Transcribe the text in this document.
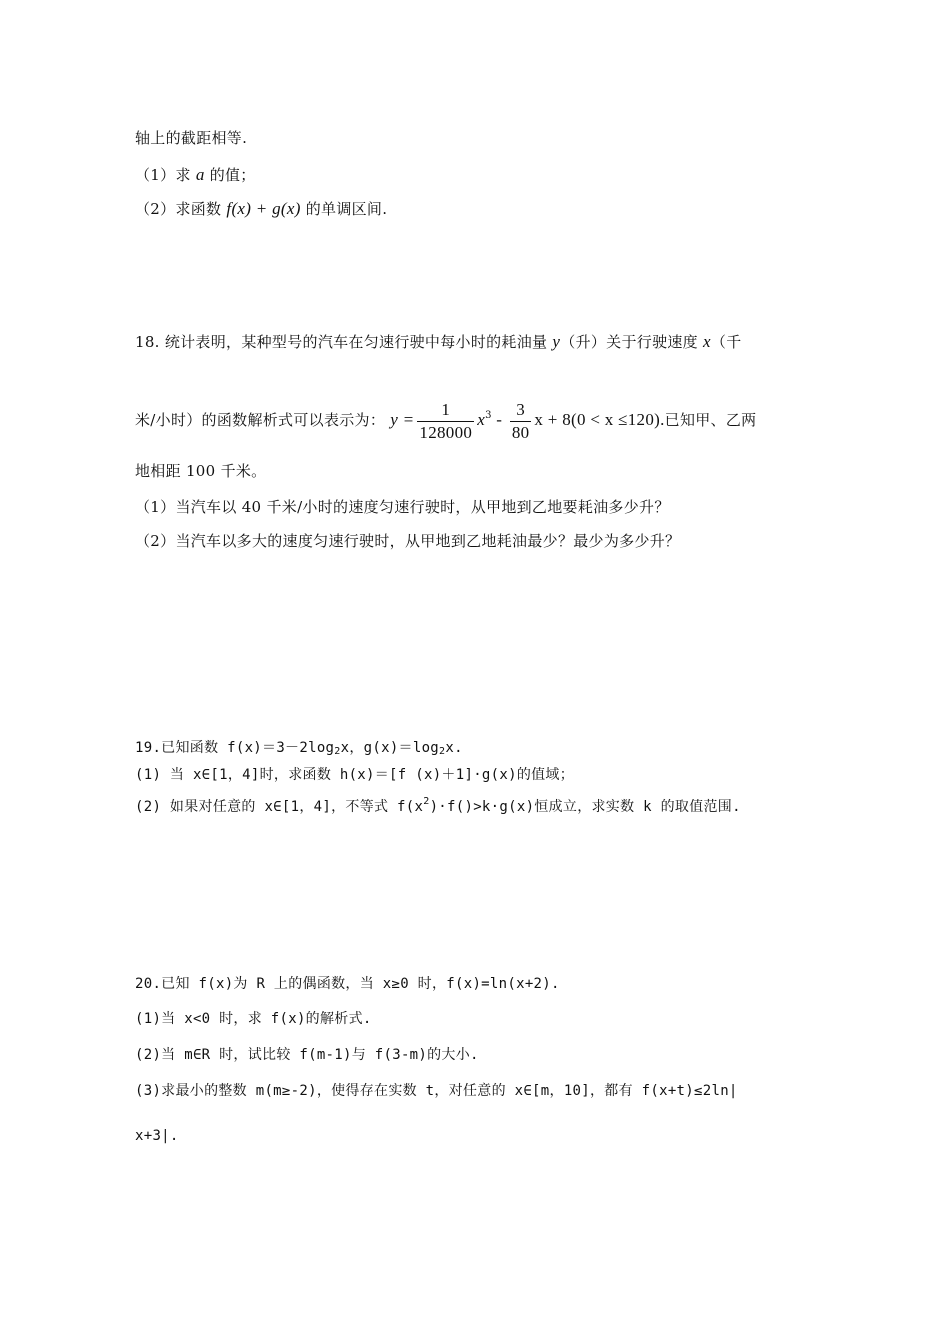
轴上的截距相等.
（1）求 a 的值；
（2）求函数 f(x) + g(x) 的单调区间.
18. 统计表明，某种型号的汽车在匀速行驶中每小时的耗油量 y（升）关于行驶速度 x（千
米/小时）的函数解析式可以表示为： $y = \frac{1}{128000} x^3 - \frac{3}{80}$ x + 8(0 < x ≤120).已知甲、乙两
地相距 100 千米。
（1）当汽车以 40 千米/小时的速度匀速行驶时，从甲地到乙地要耗油多少升？
（2）当汽车以多大的速度匀速行驶时，从甲地到乙地耗油最少？最少为多少升？
19.已知函数 $f(x)=3-2\log_2x$，$g(x)=\log_2x$.
(1) 当 x∈[1，4]时，求函数 h(x)＝[f (x)＋1]·g(x)的值域；
(2) 如果对任意的 x∈[1，4]，不等式 $f(x^2)\cdot f()>k\cdot g(x)$恒成立，求实数 k 的取值范围.
20.已知 f(x)为 R 上的偶函数，当 x≥0 时，f(x)=ln(x+2).
(1)当 x<0 时，求 f(x)的解析式.
(2)当 m∈R 时，试比较 f(m-1)与 f(3-m)的大小.
(3)求最小的整数 m(m≥-2)，使得存在实数 t，对任意的 x∈[m，10]，都有 f(x+t)≤2ln|
x+3|.
